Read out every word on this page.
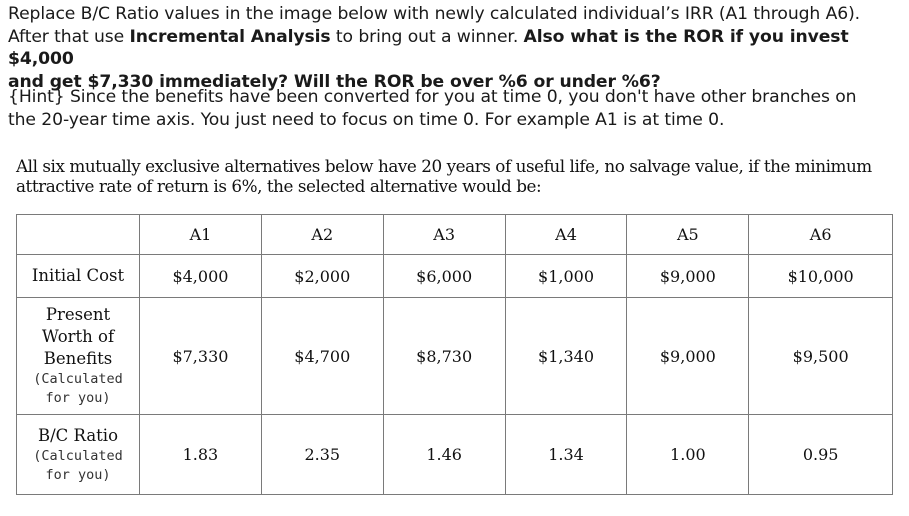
Replace B/C Ratio values in the image below with newly calculated individual’s IRR (A1 through A6).
After that use Incremental Analysis to bring out a winner. Also what is the ROR if you invest $4,000
and get $7,330 immediately? Will the ROR be over %6 or under %6?
{Hint} Since the benefits have been converted for you at time 0, you don't have other branches on
the 20-year time axis. You just need to focus on time 0. For example A1 is at time 0.
All six mutually exclusive alternatives below have 20 years of useful life, no salvage value, if the minimum
attractive rate of return is 6%, the selected alternative would be:
	A1	A2	A3	A4	A5	A6

Initial Cost	$4,000	$2,000	$6,000	$1,000	$9,000	$10,000

Present
Worth of
Benefits
(Calculated
for you)	$7,330	$4,700	$8,730	$1,340	$9,000	$9,500

B/C Ratio
(Calculated
for you)	1.83	2.35	1.46	1.34	1.00	0.95
